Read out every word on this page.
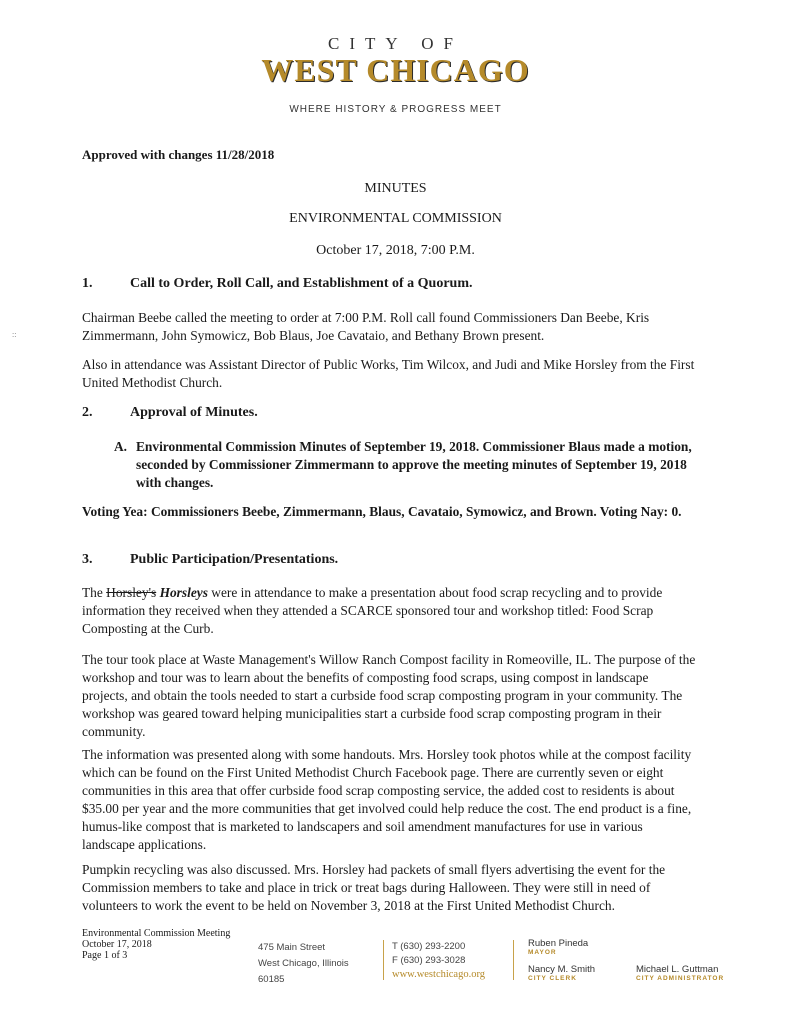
CITY OF
WEST CHICAGO
WHERE HISTORY & PROGRESS MEET
::
Approved with changes 11/28/2018
MINUTES
ENVIRONMENTAL COMMISSION
October 17, 2018, 7:00 P.M.
1.	Call to Order, Roll Call, and Establishment of a Quorum.
Chairman Beebe called the meeting to order at 7:00 P.M. Roll call found Commissioners Dan Beebe, Kris Zimmermann, John Symowicz, Bob Blaus, Joe Cavataio, and Bethany Brown present.
Also in attendance was Assistant Director of Public Works, Tim Wilcox, and Judi and Mike Horsley from the First United Methodist Church.
2.	Approval of Minutes.
A. Environmental Commission Minutes of September 19, 2018. Commissioner Blaus made a motion, seconded by Commissioner Zimmermann to approve the meeting minutes of September 19, 2018 with changes.
Voting Yea: Commissioners Beebe, Zimmermann, Blaus, Cavataio, Symowicz, and Brown. Voting Nay: 0.
3.	Public Participation/Presentations.
The Horsley's Horsleys were in attendance to make a presentation about food scrap recycling and to provide information they received when they attended a SCARCE sponsored tour and workshop titled: Food Scrap Composting at the Curb.
The tour took place at Waste Management's Willow Ranch Compost facility in Romeoville, IL. The purpose of the workshop and tour was to learn about the benefits of composting food scraps, using compost in landscape projects, and obtain the tools needed to start a curbside food scrap composting program in your community. The workshop was geared toward helping municipalities start a curbside food scrap composting program in their community.
The information was presented along with some handouts. Mrs. Horsley took photos while at the compost facility which can be found on the First United Methodist Church Facebook page. There are currently seven or eight communities in this area that offer curbside food scrap composting service, the added cost to residents is about $35.00 per year and the more communities that get involved could help reduce the cost. The end product is a fine, humus-like compost that is marketed to landscapers and soil amendment manufactures for use in various landscape applications.
Pumpkin recycling was also discussed. Mrs. Horsley had packets of small flyers advertising the event for the Commission members to take and place in trick or treat bags during Halloween. They were still in need of volunteers to work the event to be held on November 3, 2018 at the First United Methodist Church.
Environmental Commission Meeting
October 17, 2018
Page 1 of 3
475 Main Street
West Chicago, Illinois
60185
T (630) 293-2200
F (630) 293-3028
www.westchicago.org
Ruben Pineda
MAYOR
Nancy M. Smith
CITY CLERK
Michael L. Guttman
CITY ADMINISTRATOR
